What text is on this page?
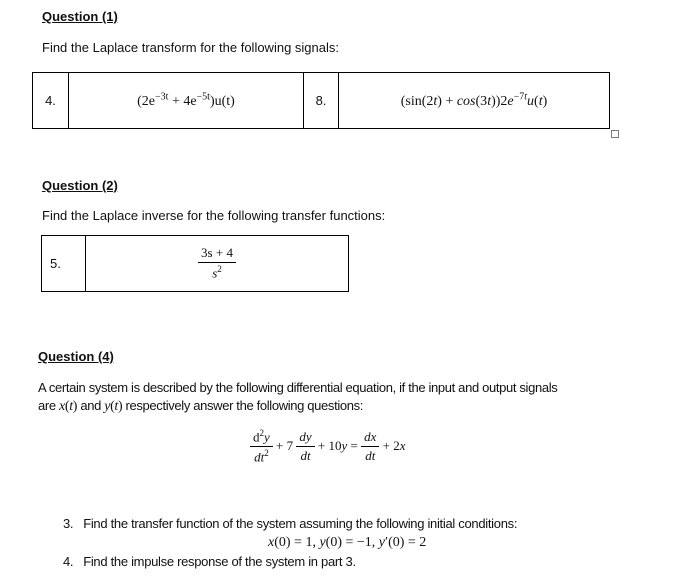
Question (1)
Find the Laplace transform for the following signals:
4.	$(2e^{-3t} + 4e^{-5t})u(t)$	8.	$(\sin(2t) + \cos(3t))2e^{-7t}u(t)$
Question (2)
Find the Laplace inverse for the following transfer functions:
5.	$\frac{3s + 4}{s^2}$
Question (4)
A certain system is described by the following differential equation, if the input and output signals
are x(t) and y(t) respectively answer the following questions:
$\frac{d^2y}{dt^2} + 7 \frac{dy}{dt} + 10y = \frac{dx}{dt} + 2x$
3. Find the transfer function of the system assuming the following initial conditions:
x(0) = 1, y(0) = −1, y′(0) = 2
4. Find the impulse response of the system in part 3.
